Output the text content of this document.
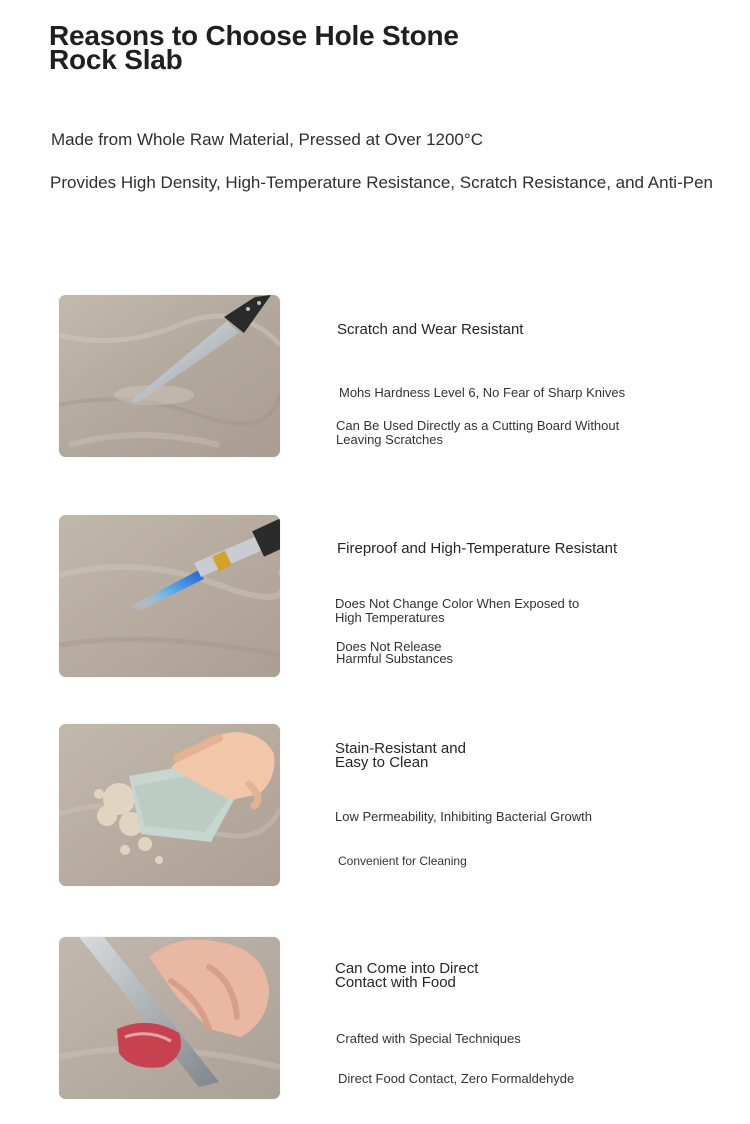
Reasons to Choose Hole Stone
Rock Slab

Made from Whole Raw Material, Pressed at Over 1200°C

Provides High Density, High-Temperature Resistance, Scratch Resistance, and Anti-Pen

Scratch and Wear Resistant

Mohs Hardness Level 6, No Fear of Sharp Knives

Can Be Used Directly as a Cutting Board Without
Leaving Scratches

Fireproof and High-Temperature Resistant

Does Not Change Color When Exposed to
High Temperatures

Does Not Release
Harmful Substances

Stain-Resistant and
Easy to Clean

Low Permeability, Inhibiting Bacterial Growth

Convenient for Cleaning

Can Come into Direct
Contact with Food

Crafted with Special Techniques

Direct Food Contact, Zero Formaldehyde
